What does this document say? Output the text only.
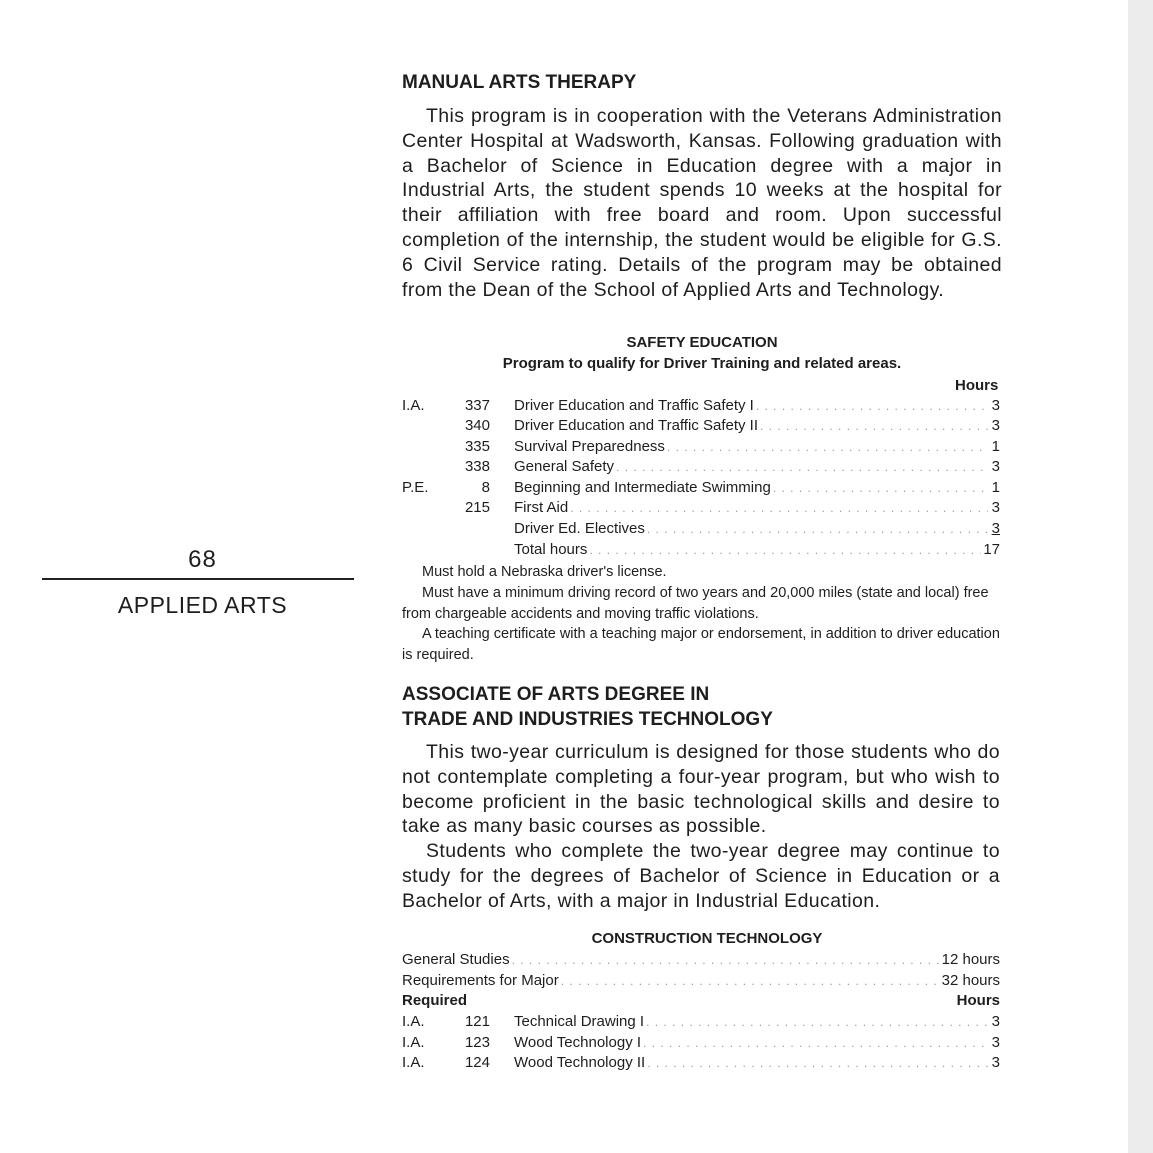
68
APPLIED ARTS

MANUAL ARTS THERAPY

This program is in cooperation with the Veterans Administration Center Hospital at Wadsworth, Kansas. Following graduation with a Bachelor of Science in Education degree with a major in Industrial Arts, the student spends 10 weeks at the hospital for their affiliation with free board and room. Upon successful completion of the internship, the student would be eligible for G.S. 6 Civil Service rating. Details of the program may be obtained from the Dean of the School of Applied Arts and Technology.

SAFETY EDUCATION
Program to qualify for Driver Training and related areas.
Hours
I.A.	337 Driver Education and Traffic Safety I . . .	3
340 Driver Education and Traffic Safety II . . .	3
335 Survival Preparedness . . .	1
338 General Safety . . .	3
P.E.	8 Beginning and Intermediate Swimming . . .	1
215 First Aid . . .	3
Driver Ed. Electives . . .	3
Total hours . . .	17

Must hold a Nebraska driver's license.

Must have a minimum driving record of two years and 20,000 miles (state and local) free from chargeable accidents and moving traffic violations.

A teaching certificate with a teaching major or endorsement, in addition to driver education is required.

ASSOCIATE OF ARTS DEGREE IN

TRADE AND INDUSTRIES TECHNOLOGY

This two-year curriculum is designed for those students who do not contemplate completing a four-year program, but who wish to become proficient in the basic technological skills and desire to take as many basic courses as possible.

Students who complete the two-year degree may continue to study for the degrees of Bachelor of Science in Education or a Bachelor of Arts, with a major in Industrial Education.

CONSTRUCTION TECHNOLOGY
General Studies . . .	12 hours
Requirements for Major . . .	32 hours
Required	Hours
I.A.	121 Technical Drawing I . . .	3
I.A.	123 Wood Technology I . . .	3
I.A.	124 Wood Technology II . . .	3
